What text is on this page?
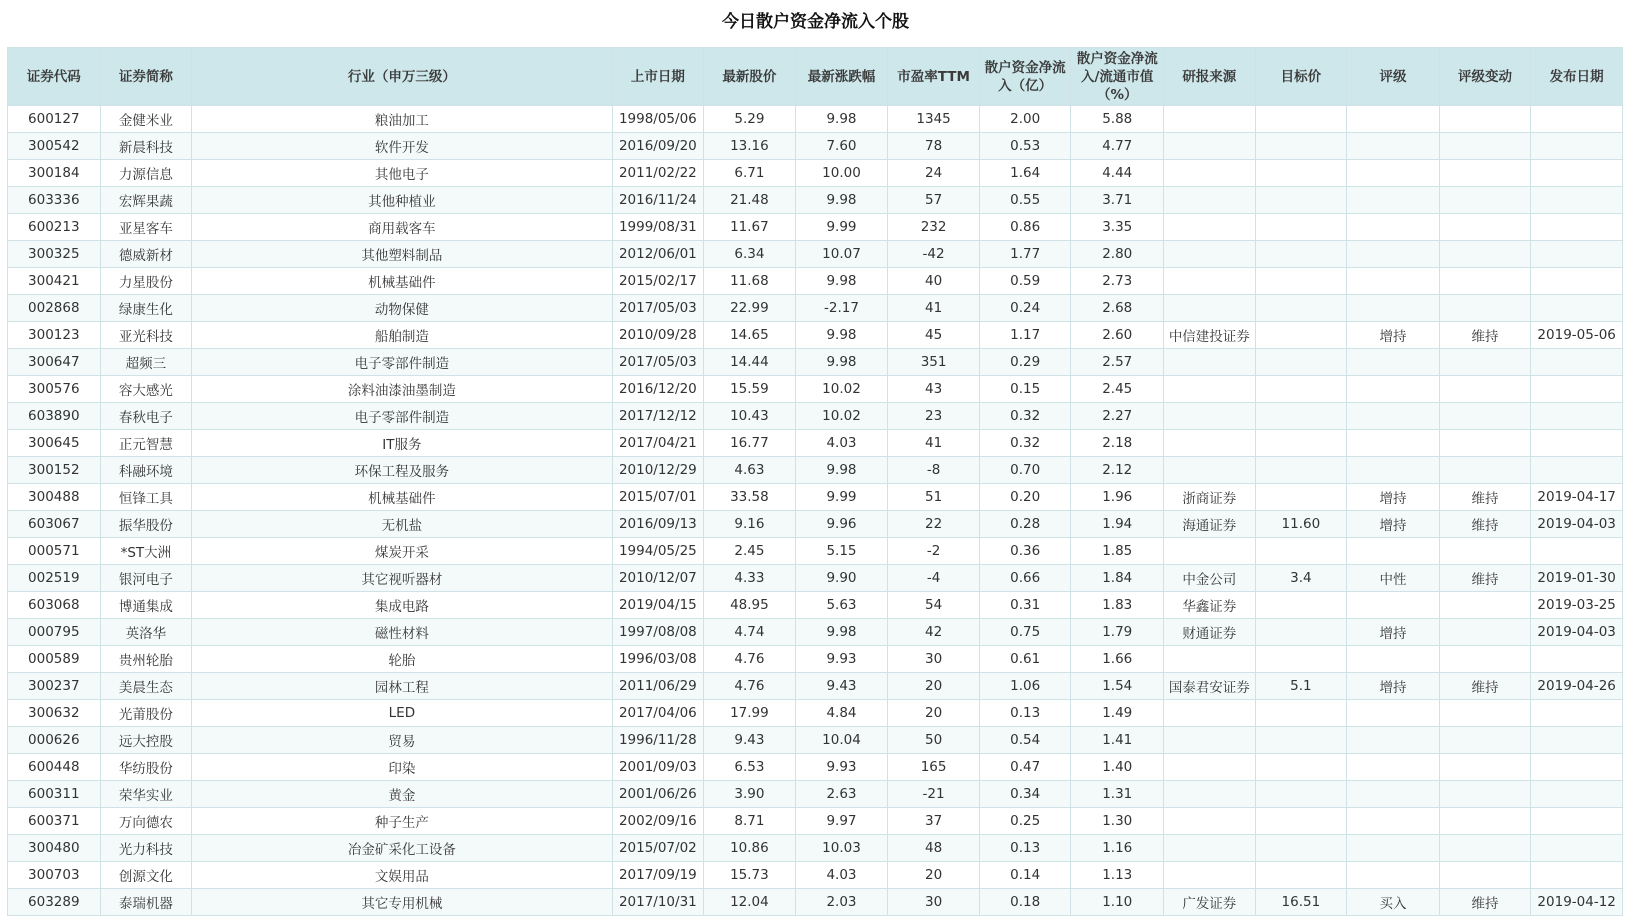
今日散户资金净流入个股
证券代码	证券简称	行业（申万三级）	上市日期	最新股价	最新涨跌幅	市盈率TTM	散户资金净流入（亿）	散户资金净流入/流通市值（%）	研报来源	目标价	评级	评级变动	发布日期
600127	金健米业	粮油加工	1998/05/06	5.29	9.98	1345	2.00	5.88					
300542	新晨科技	软件开发	2016/09/20	13.16	7.60	78	0.53	4.77					
300184	力源信息	其他电子	2011/02/22	6.71	10.00	24	1.64	4.44					
603336	宏辉果蔬	其他种植业	2016/11/24	21.48	9.98	57	0.55	3.71					
600213	亚星客车	商用载客车	1999/08/31	11.67	9.99	232	0.86	3.35					
300325	德威新材	其他塑料制品	2012/06/01	6.34	10.07	-42	1.77	2.80					
300421	力星股份	机械基础件	2015/02/17	11.68	9.98	40	0.59	2.73					
002868	绿康生化	动物保健	2017/05/03	22.99	-2.17	41	0.24	2.68					
300123	亚光科技	船舶制造	2010/09/28	14.65	9.98	45	1.17	2.60	中信建投证券		增持	维持	2019-05-06
300647	超频三	电子零部件制造	2017/05/03	14.44	9.98	351	0.29	2.57					
300576	容大感光	涂料油漆油墨制造	2016/12/20	15.59	10.02	43	0.15	2.45					
603890	春秋电子	电子零部件制造	2017/12/12	10.43	10.02	23	0.32	2.27					
300645	正元智慧	IT服务	2017/04/21	16.77	4.03	41	0.32	2.18					
300152	科融环境	环保工程及服务	2010/12/29	4.63	9.98	-8	0.70	2.12					
300488	恒锋工具	机械基础件	2015/07/01	33.58	9.99	51	0.20	1.96	浙商证券		增持	维持	2019-04-17
603067	振华股份	无机盐	2016/09/13	9.16	9.96	22	0.28	1.94	海通证券	11.60	增持	维持	2019-04-03
000571	*ST大洲	煤炭开采	1994/05/25	2.45	5.15	-2	0.36	1.85					
002519	银河电子	其它视听器材	2010/12/07	4.33	9.90	-4	0.66	1.84	中金公司	3.4	中性	维持	2019-01-30
603068	博通集成	集成电路	2019/04/15	48.95	5.63	54	0.31	1.83	华鑫证券				2019-03-25
000795	英洛华	磁性材料	1997/08/08	4.74	9.98	42	0.75	1.79	财通证券		增持		2019-04-03
000589	贵州轮胎	轮胎	1996/03/08	4.76	9.93	30	0.61	1.66					
300237	美晨生态	园林工程	2011/06/29	4.76	9.43	20	1.06	1.54	国泰君安证券	5.1	增持	维持	2019-04-26
300632	光莆股份	LED	2017/04/06	17.99	4.84	20	0.13	1.49					
000626	远大控股	贸易	1996/11/28	9.43	10.04	50	0.54	1.41					
600448	华纺股份	印染	2001/09/03	6.53	9.93	165	0.47	1.40					
600311	荣华实业	黄金	2001/06/26	3.90	2.63	-21	0.34	1.31					
600371	万向德农	种子生产	2002/09/16	8.71	9.97	37	0.25	1.30					
300480	光力科技	冶金矿采化工设备	2015/07/02	10.86	10.03	48	0.13	1.16					
300703	创源文化	文娱用品	2017/09/19	15.73	4.03	20	0.14	1.13					
603289	泰瑞机器	其它专用机械	2017/10/31	12.04	2.03	30	0.18	1.10	广发证券	16.51	买入	维持	2019-04-12
